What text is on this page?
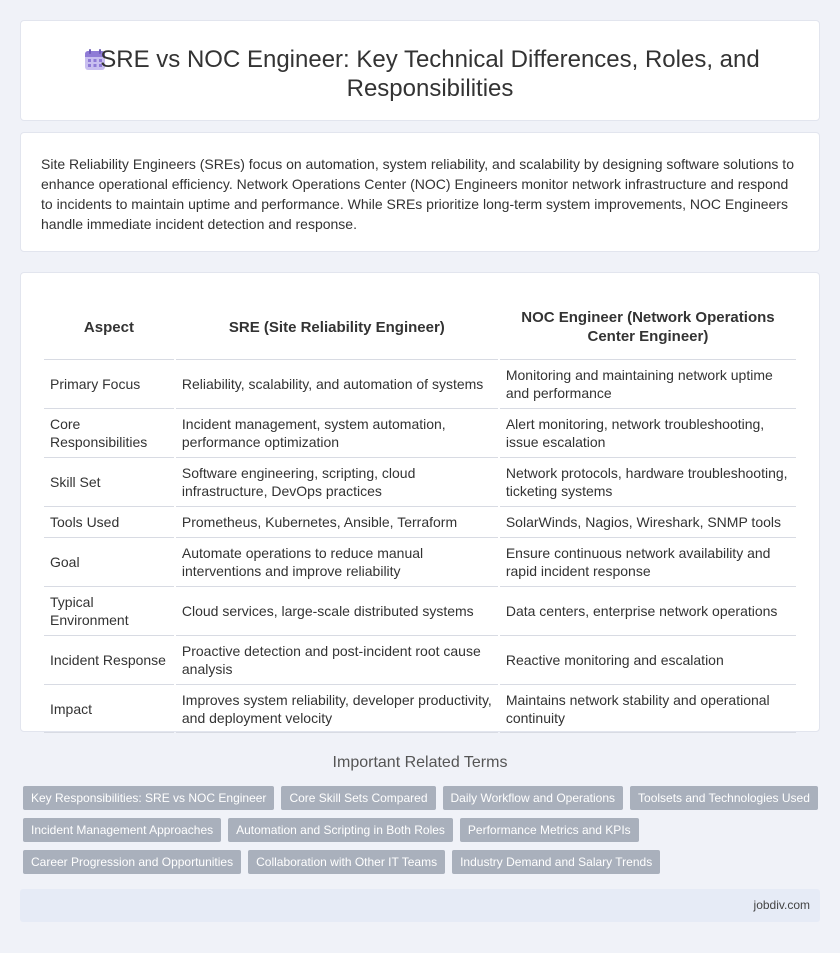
SRE vs NOC Engineer: Key Technical Differences, Roles, and Responsibilities

Site Reliability Engineers (SREs) focus on automation, system reliability, and scalability by designing software solutions to enhance operational efficiency. Network Operations Center (NOC) Engineers monitor network infrastructure and respond to incidents to maintain uptime and performance. While SREs prioritize long-term system improvements, NOC Engineers handle immediate incident detection and response.

Aspect	SRE (Site Reliability Engineer)	NOC Engineer (Network Operations Center Engineer)
Primary Focus	Reliability, scalability, and automation of systems	Monitoring and maintaining network uptime and performance
Core Responsibilities	Incident management, system automation, performance optimization	Alert monitoring, network troubleshooting, issue escalation
Skill Set	Software engineering, scripting, cloud infrastructure, DevOps practices	Network protocols, hardware troubleshooting, ticketing systems
Tools Used	Prometheus, Kubernetes, Ansible, Terraform	SolarWinds, Nagios, Wireshark, SNMP tools
Goal	Automate operations to reduce manual interventions and improve reliability	Ensure continuous network availability and rapid incident response
Typical Environment	Cloud services, large-scale distributed systems	Data centers, enterprise network operations
Incident Response	Proactive detection and post-incident root cause analysis	Reactive monitoring and escalation
Impact	Improves system reliability, developer productivity, and deployment velocity	Maintains network stability and operational continuity
Important Related Terms
Key Responsibilities: SRE vs NOC Engineer	Core Skill Sets Compared	Daily Workflow and Operations	Toolsets and Technologies Used
Incident Management Approaches	Automation and Scripting in Both Roles	Performance Metrics and KPIs
Career Progression and Opportunities	Collaboration with Other IT Teams	Industry Demand and Salary Trends
jobdiv.com
